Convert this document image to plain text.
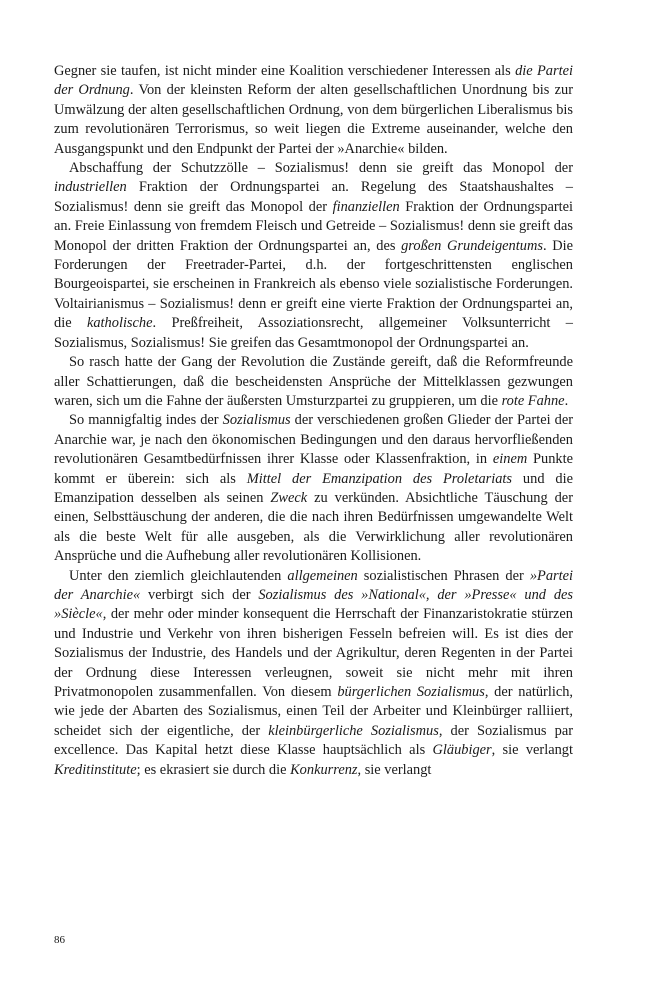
Gegner sie taufen, ist nicht minder eine Koalition verschiedener Interessen als die Partei der Ordnung. Von der kleinsten Reform der alten gesellschaftlichen Unordnung bis zur Umwälzung der alten gesellschaftlichen Ordnung, von dem bürgerlichen Liberalismus bis zum revolutionären Terrorismus, so weit liegen die Extreme auseinander, welche den Ausgangspunkt und den Endpunkt der Partei der »Anarchie« bilden.

Abschaffung der Schutzzölle – Sozialismus! denn sie greift das Monopol der industriellen Fraktion der Ordnungspartei an. Regelung des Staatshaushaltes – Sozialismus! denn sie greift das Monopol der finanziellen Fraktion der Ordnungspartei an. Freie Einlassung von fremdem Fleisch und Getreide – Sozialismus! denn sie greift das Monopol der dritten Fraktion der Ordnungspartei an, des großen Grundeigentums. Die Forderungen der Freetrader-Partei, d.h. der fortgeschrittensten englischen Bourgeoispartei, sie erscheinen in Frankreich als ebenso viele sozialistische Forderungen. Voltairianismus – Sozialismus! denn er greift eine vierte Fraktion der Ordnungspartei an, die katholische. Preßfreiheit, Assoziationsrecht, allgemeiner Volksunterricht – Sozialismus, Sozialismus! Sie greifen das Gesamtmonopol der Ordnungspartei an.

So rasch hatte der Gang der Revolution die Zustände gereift, daß die Reformfreunde aller Schattierungen, daß die bescheidensten Ansprüche der Mittelklassen gezwungen waren, sich um die Fahne der äußersten Umsturzpartei zu gruppieren, um die rote Fahne.

So mannigfaltig indes der Sozialismus der verschiedenen großen Glieder der Partei der Anarchie war, je nach den ökonomischen Bedingungen und den daraus hervorfließenden revolutionären Gesamtbedürfnissen ihrer Klasse oder Klassenfraktion, in einem Punkte kommt er überein: sich als Mittel der Emanzipation des Proletariats und die Emanzipation desselben als seinen Zweck zu verkünden. Absichtliche Täuschung der einen, Selbsttäuschung der anderen, die die nach ihren Bedürfnissen umgewandelte Welt als die beste Welt für alle ausgeben, als die Verwirklichung aller revolutionären Ansprüche und die Aufhebung aller revolutionären Kollisionen.

Unter den ziemlich gleichlautenden allgemeinen sozialistischen Phrasen der »Partei der Anarchie« verbirgt sich der Sozialismus des »National«, der »Presse« und des »Siècle«, der mehr oder minder konsequent die Herrschaft der Finanzaristokratie stürzen und Industrie und Verkehr von ihren bisherigen Fesseln befreien will. Es ist dies der Sozialismus der Industrie, des Handels und der Agrikultur, deren Regenten in der Partei der Ordnung diese Interessen verleugnen, soweit sie nicht mehr mit ihren Privatmonopolen zusammenfallen. Von diesem bürgerlichen Sozialismus, der natürlich, wie jede der Abarten des Sozialismus, einen Teil der Arbeiter und Kleinbürger ralliiert, scheidet sich der eigentliche, der kleinbürgerliche Sozialismus, der Sozialismus par excellence. Das Kapital hetzt diese Klasse hauptsächlich als Gläubiger, sie verlangt Kreditinstitute; es ekrasiert sie durch die Konkurrenz, sie verlangt

86
